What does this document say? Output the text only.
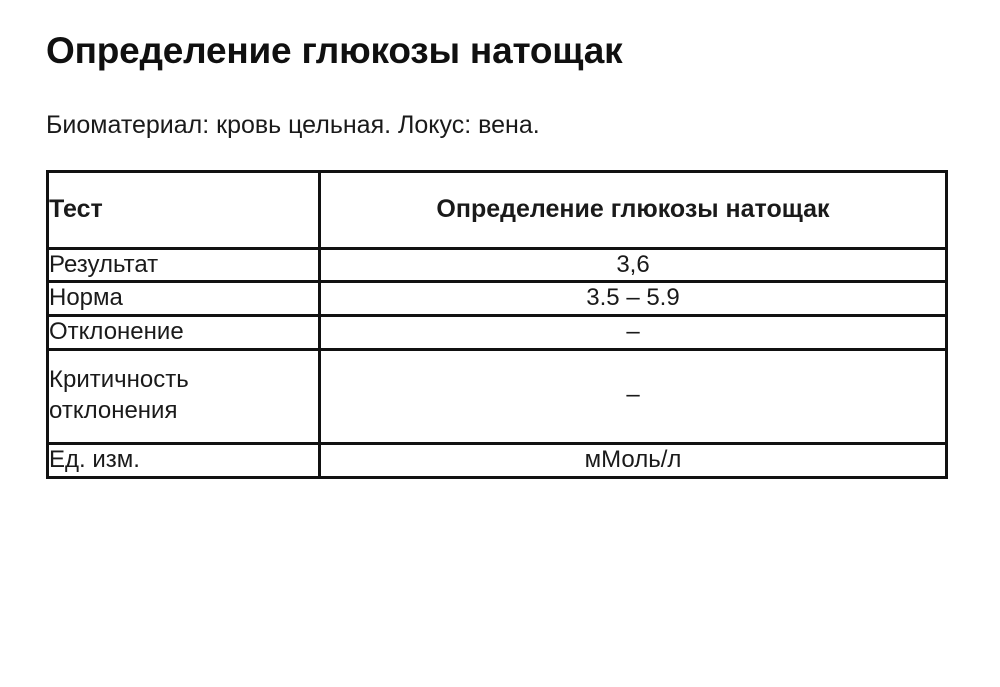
Определение глюкозы натощак

Биоматериал: кровь цельная. Локус: вена.

Тест	Определение глюкозы натощак
Результат	3,6
Норма	3.5 – 5.9
Отклонение	–
Критичность отклонения	–
Ед. изм.	мМоль/л
